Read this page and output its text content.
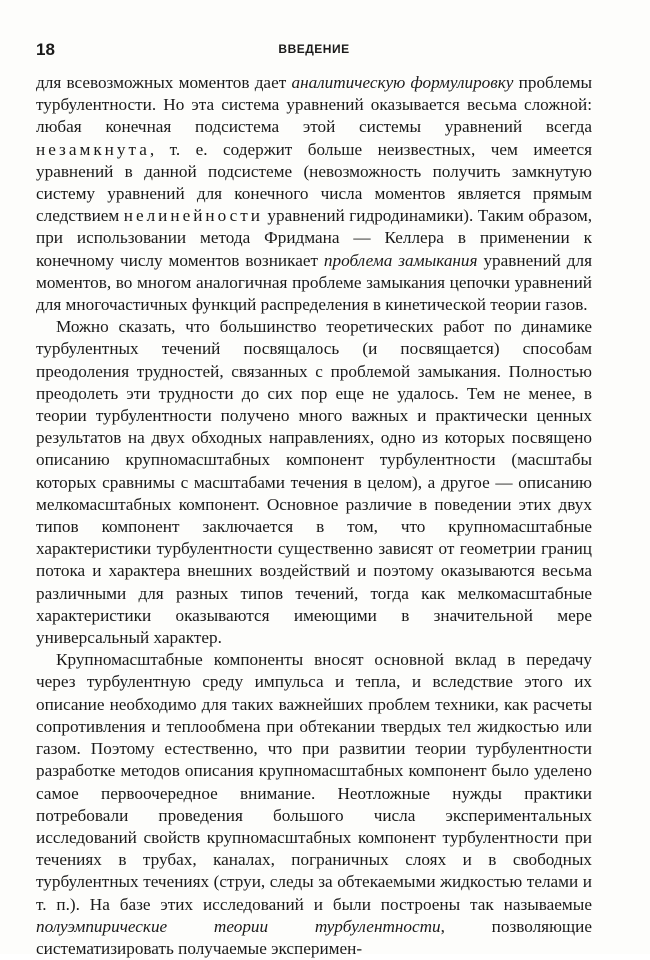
18	ВВЕДЕНИЕ

для всевозможных моментов дает аналитическую формулировку проблемы турбулентности. Но эта система уравнений оказывается весьма сложной: любая конечная подсистема этой системы уравнений всегда незамкнута, т. е. содержит больше неизвестных, чем имеется уравнений в данной подсистеме (невозможность получить замкнутую систему уравнений для конечного числа моментов является прямым следствием нелинейности уравнений гидродинамики). Таким образом, при использовании метода Фридмана — Келлера в применении к конечному числу моментов возникает проблема замыкания уравнений для моментов, во многом аналогичная проблеме замыкания цепочки уравнений для многочастичных функций распределения в кинетической теории газов.

Можно сказать, что большинство теоретических работ по динамике турбулентных течений посвящалось (и посвящается) способам преодоления трудностей, связанных с проблемой замыкания. Полностью преодолеть эти трудности до сих пор еще не удалось. Тем не менее, в теории турбулентности получено много важных и практически ценных результатов на двух обходных направлениях, одно из которых посвящено описанию крупномасштабных компонент турбулентности (масштабы которых сравнимы с масштабами течения в целом), а другое — описанию мелкомасштабных компонент. Основное различие в поведении этих двух типов компонент заключается в том, что крупномасштабные характеристики турбулентности существенно зависят от геометрии границ потока и характера внешних воздействий и поэтому оказываются весьма различными для разных типов течений, тогда как мелкомасштабные характеристики оказываются имеющими в значительной мере универсальный характер.

Крупномасштабные компоненты вносят основной вклад в передачу через турбулентную среду импульса и тепла, и вследствие этого их описание необходимо для таких важнейших проблем техники, как расчеты сопротивления и теплообмена при обтекании твердых тел жидкостью или газом. Поэтому естественно, что при развитии теории турбулентности разработке методов описания крупномасштабных компонент было уделено самое первоочередное внимание. Неотложные нужды практики потребовали проведения большого числа экспериментальных исследований свойств крупномасштабных компонент турбулентности при течениях в трубах, каналах, пограничных слоях и в свободных турбулентных течениях (струи, следы за обтекаемыми жидкостью телами и т. п.). На базе этих исследований и были построены так называемые полуэмпирические теории турбулентности, позволяющие систематизировать получаемые эксперимен-
